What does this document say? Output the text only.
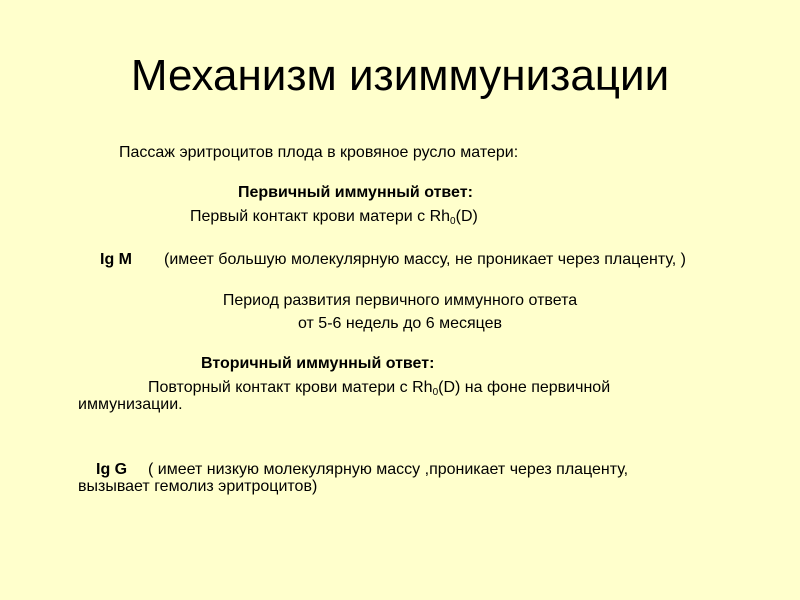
Механизм изиммунизации
Пассаж эритроцитов плода в кровяное русло матери:
Первичный иммунный ответ:
Первый контакт крови матери с $Rh_0(D)$
Ig M (имеет большую молекулярную массу, не проникает через плаценту, )
Период развития первичного иммунного ответа
от 5-6 недель до 6 месяцев
Вторичный иммунный ответ:
Повторный контакт крови матери с $Rh_0(D)$ на фоне первичной
иммунизации.
Ig G ( имеет низкую молекулярную массу ,проникает через плаценту,
вызывает гемолиз эритроцитов)
